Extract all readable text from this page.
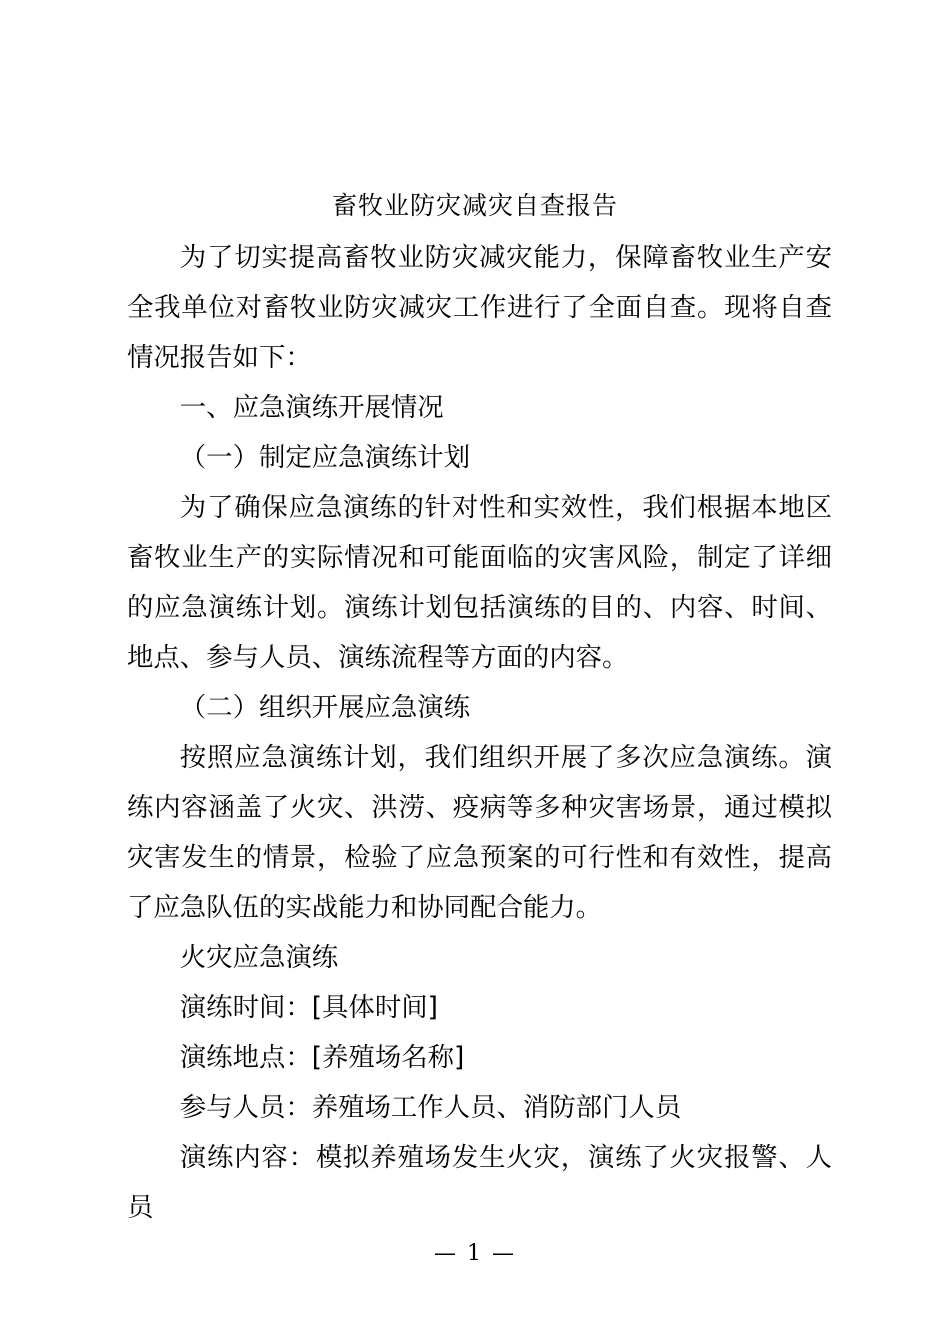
畜牧业防灾减灾自查报告

为了切实提高畜牧业防灾减灾能力，保障畜牧业生产安全我单位对畜牧业防灾减灾工作进行了全面自查。现将自查情况报告如下：

一、应急演练开展情况

（一）制定应急演练计划

为了确保应急演练的针对性和实效性，我们根据本地区畜牧业生产的实际情况和可能面临的灾害风险，制定了详细的应急演练计划。演练计划包括演练的目的、内容、时间、地点、参与人员、演练流程等方面的内容。

（二）组织开展应急演练

按照应急演练计划，我们组织开展了多次应急演练。演练内容涵盖了火灾、洪涝、疫病等多种灾害场景，通过模拟灾害发生的情景，检验了应急预案的可行性和有效性，提高了应急队伍的实战能力和协同配合能力。

火灾应急演练

演练时间：[具体时间]

演练地点：[养殖场名称]

参与人员：养殖场工作人员、消防部门人员

演练内容：模拟养殖场发生火灾，演练了火灾报警、人员

— 1 —
